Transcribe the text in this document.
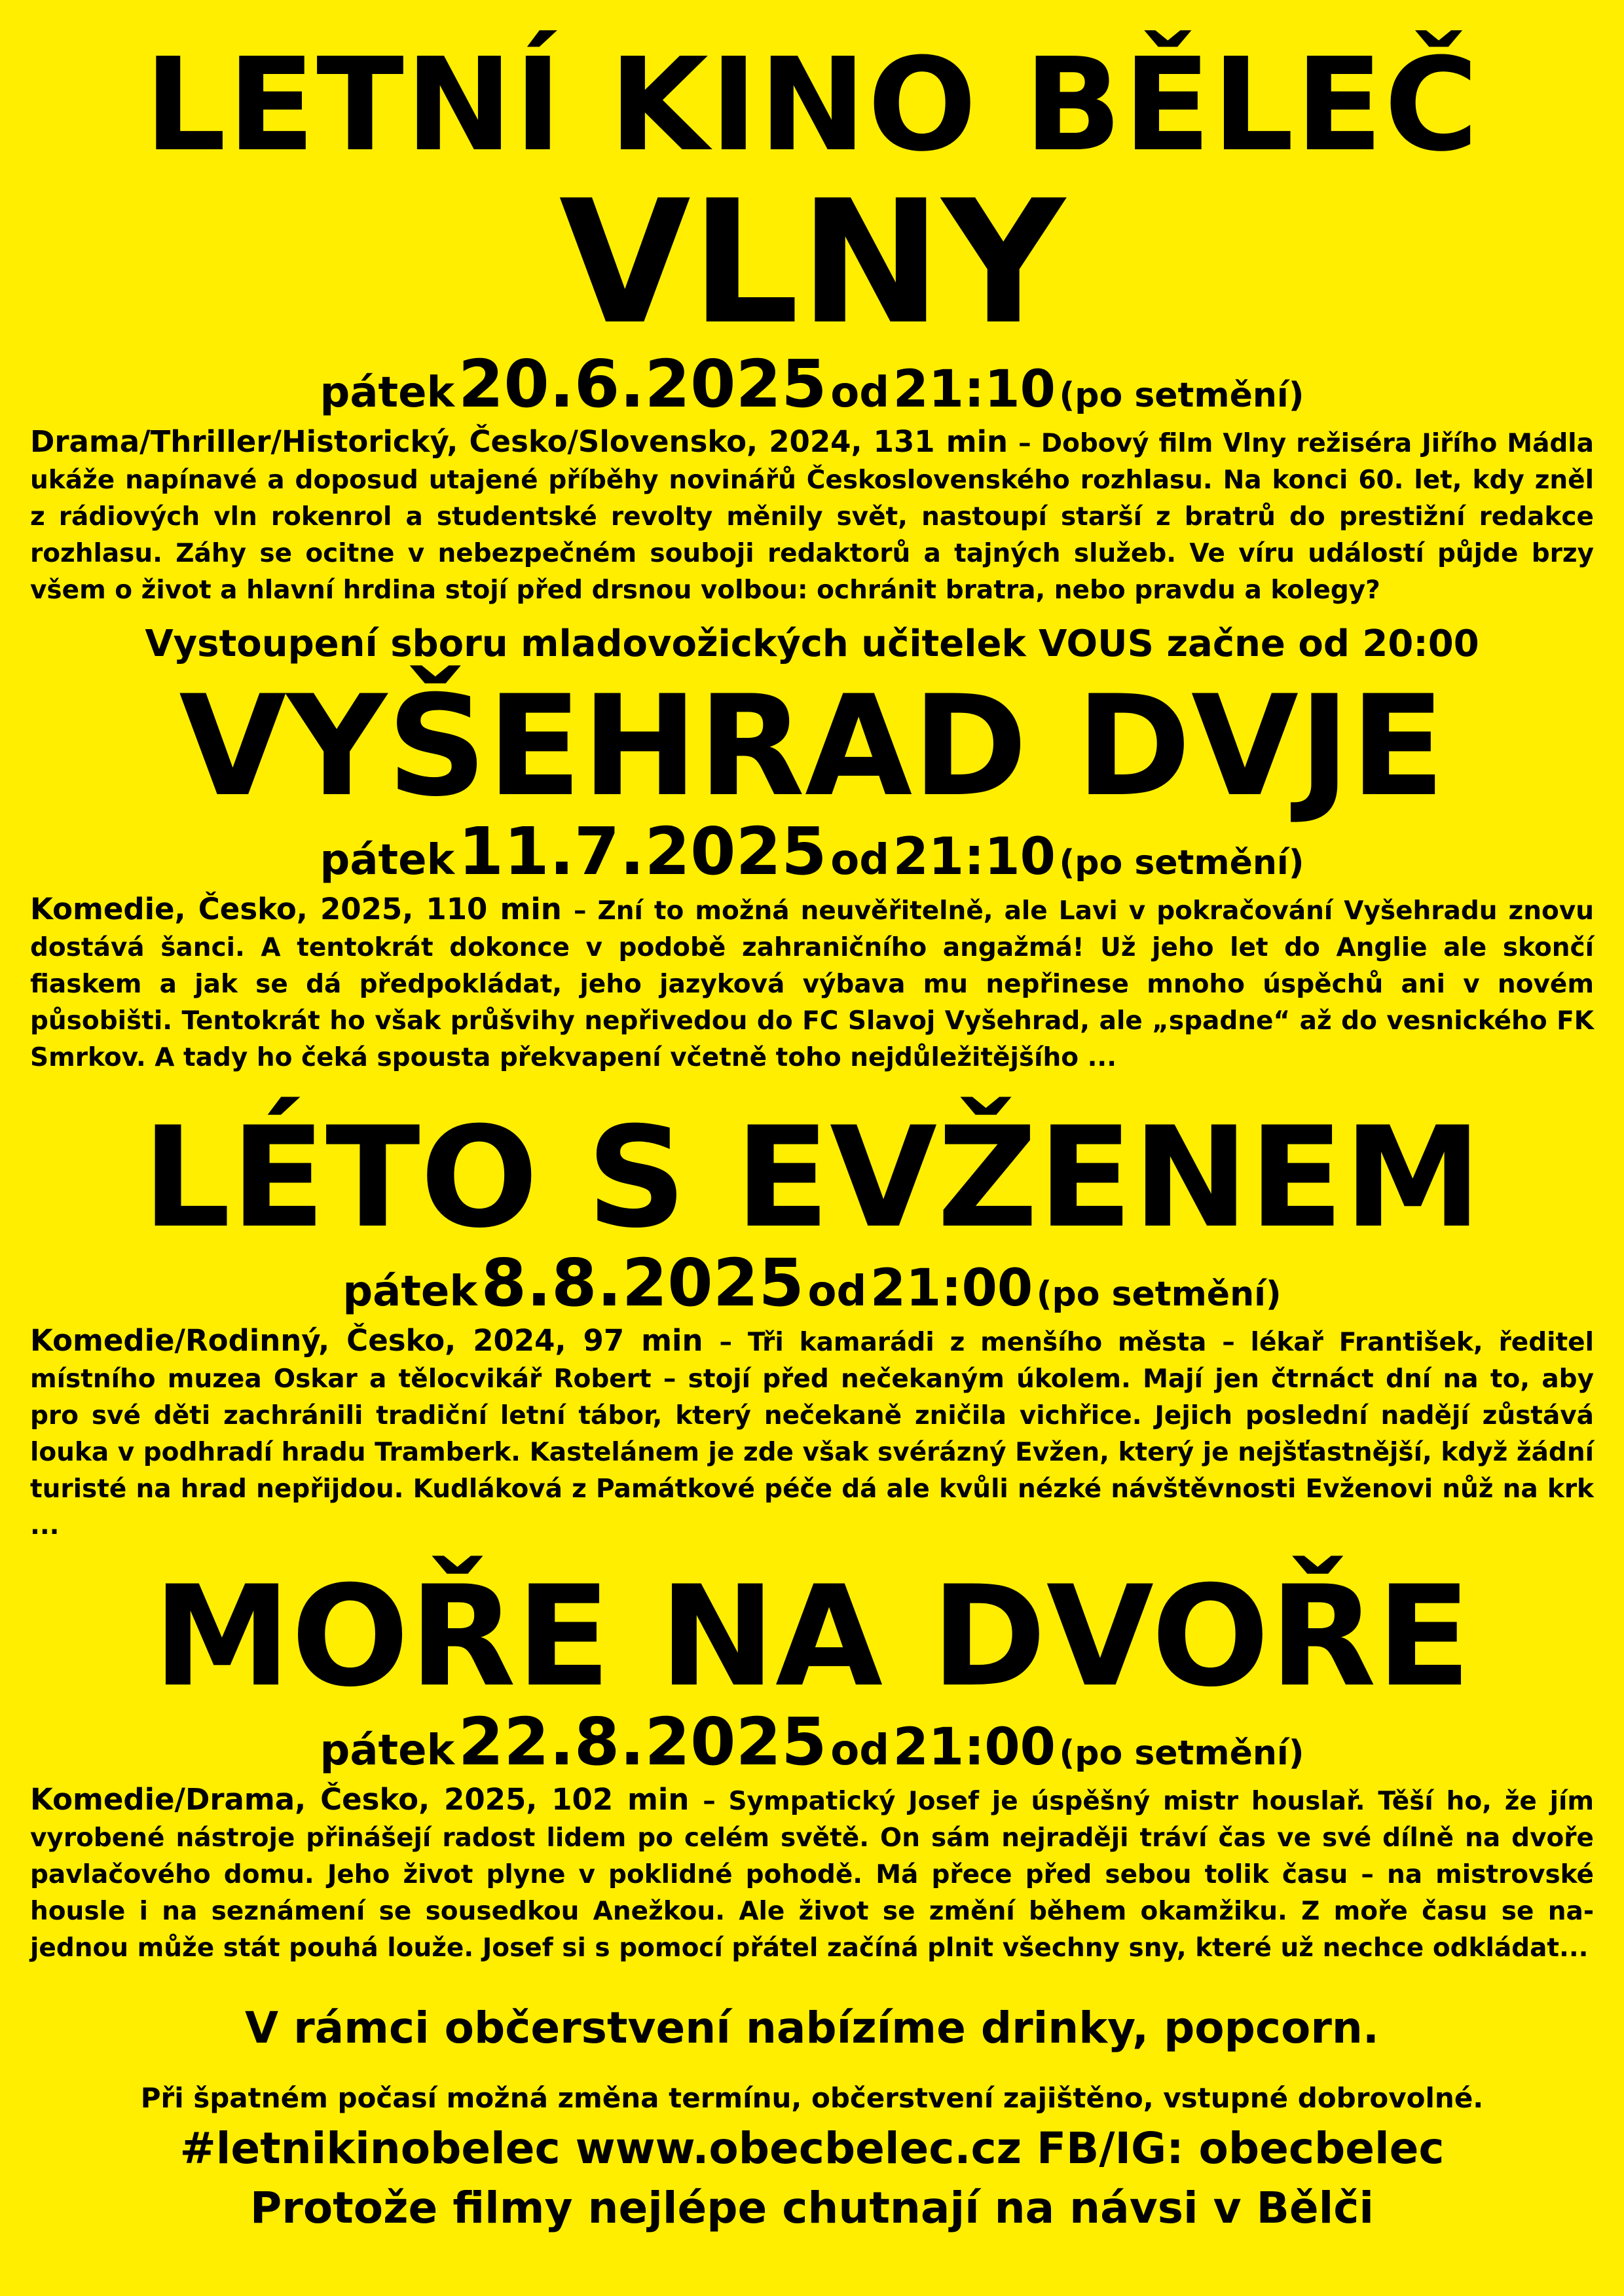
LETNÍ KINO BĚLEČ
VLNY
pátek 20.6.2025 od 21:10 (po setmění)

Drama/Thriller/Historický, Česko/Slovensko, 2024, 131 min – Dobový film Vlny režiséra Jiřího Mádla ukáže napínavé a doposud utajené příběhy novinářů Československého rozhlasu. Na konci 60. let, kdy zněl z rádiových vln rokenrol a studentské revolty měnily svět, nastoupí starší z bratrů do prestižní redakce rozhlasu. Záhy se ocitne v nebezpečném souboji redaktorů a tajných služeb. Ve víru událostí půjde brzy všem o život a hlavní hrdina stojí před drsnou volbou: ochránit bratra, nebo pravdu a kolegy?

Vystoupení sboru mladovožických učitelek VOUS začne od 20:00
VYŠEHRAD DVJE
pátek 11.7.2025 od 21:10 (po setmění)

Komedie, Česko, 2025, 110 min – Zní to možná neuvěřitelně, ale Lavi v pokračování Vyšehradu znovu dostává šanci. A tentokrát dokonce v podobě zahraničního angažmá! Už jeho let do Anglie ale skončí fiaskem a jak se dá předpokládat, jeho jazyková výbava mu nepřinese mnoho úspěchů ani v novém působišti. Tentokrát ho však průšvihy nepřivedou do FC Slavoj Vyšehrad, ale „spadne“ až do vesnického FK Smrkov. A tady ho čeká spousta překvapení včetně toho nejdůležitějšího ...

LÉTO S EVŽENEM
pátek 8.8.2025 od 21:00 (po setmění)

Komedie/Rodinný, Česko, 2024, 97 min – Tři kamarádi z menšího města – lékař František, ředitel místního muzea Oskar a tělocvikář Robert – stojí před nečekaným úkolem. Mají jen čtrnáct dní na to, aby pro své děti zachránili tradiční letní tábor, který nečekaně zničila vichřice. Jejich poslední nadějí zůstává louka v podhradí hradu Tramberk. Kastelánem je zde však svérázný Evžen, který je nejšťastnější, když žádní turisté na hrad nepřijdou. Kudláková z Památkové péče dá ale kvůli nézké návštěvnosti Evženovi nůž na krk ...

MOŘE NA DVOŘE
pátek 22.8.2025 od 21:00 (po setmění)

Komedie/Drama, Česko, 2025, 102 min – Sympatický Josef je úspěšný mistr houslař. Těší ho, že jím vyrobené nástroje přinášejí radost lidem po celém světě. On sám nejraději tráví čas ve své dílně na dvoře pavlačového domu. Jeho život plyne v poklidné pohodě. Má přece před sebou tolik času – na mistrovské housle i na seznámení se sousedkou Anežkou. Ale život se změní během okamžiku. Z moře času se na-jednou může stát pouhá louže. Josef si s pomocí přátel začíná plnit všechny sny, které už nechce odkládat...

V rámci občerstvení nabízíme drinky, popcorn.
Při špatném počasí možná změna termínu, občerstvení zajištěno, vstupné dobrovolné.
#letnikinobelec www.obecbelec.cz FB/IG: obecbelec
Protože filmy nejlépe chutnají na návsi v Bělči
